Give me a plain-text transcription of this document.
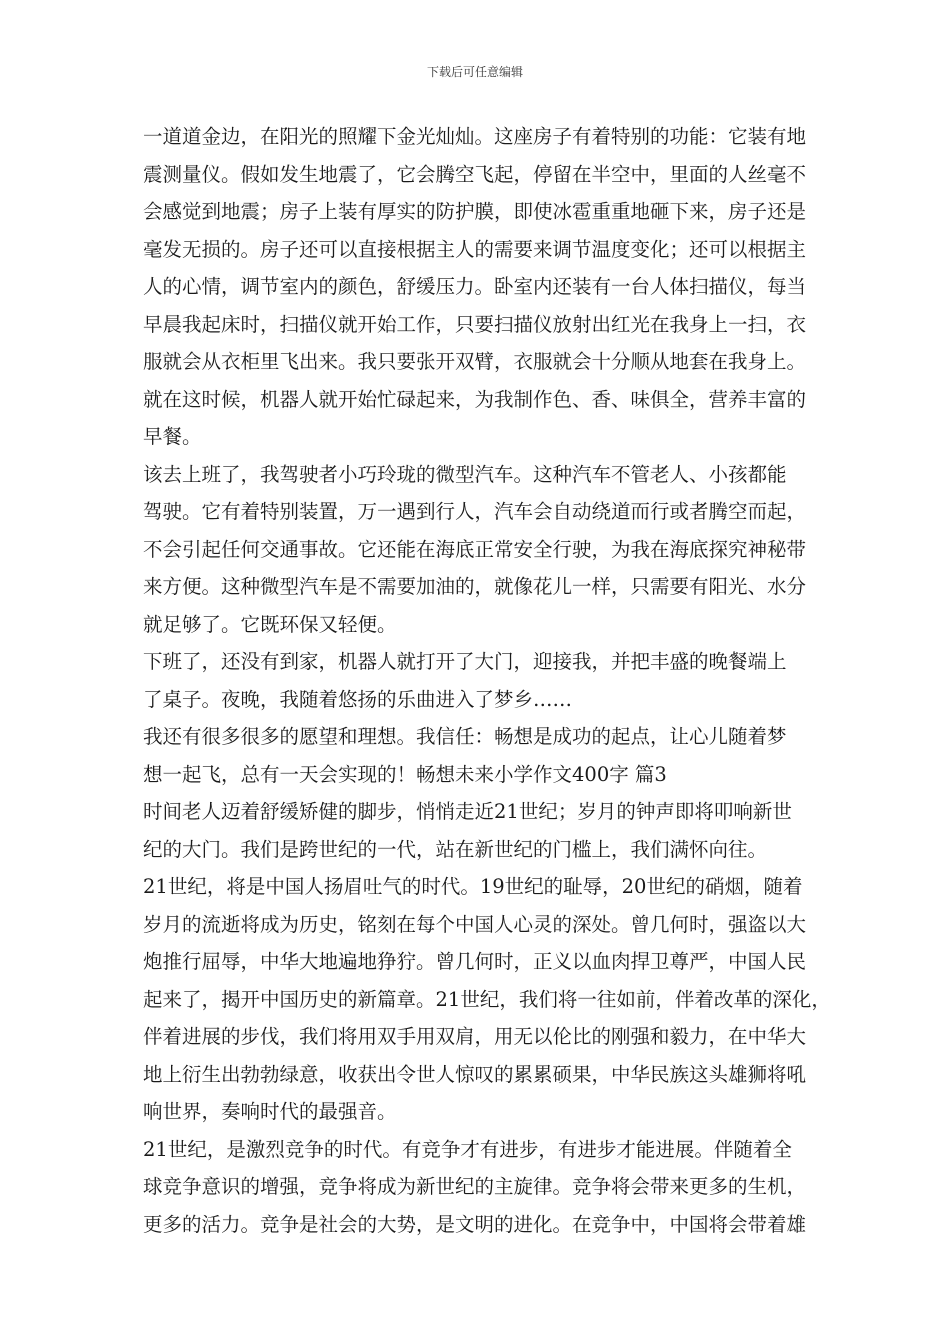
下载后可任意编辑
一道道金边，在阳光的照耀下金光灿灿。这座房子有着特别的功能：它装有地
震测量仪。假如发生地震了，它会腾空飞起，停留在半空中，里面的人丝毫不
会感觉到地震；房子上装有厚实的防护膜，即使冰雹重重地砸下来，房子还是
毫发无损的。房子还可以直接根据主人的需要来调节温度变化；还可以根据主
人的心情，调节室内的颜色，舒缓压力。卧室内还装有一台人体扫描仪，每当
早晨我起床时，扫描仪就开始工作，只要扫描仪放射出红光在我身上一扫，衣
服就会从衣柜里飞出来。我只要张开双臂，衣服就会十分顺从地套在我身上。
就在这时候，机器人就开始忙碌起来，为我制作色、香、味俱全，营养丰富的
早餐。
该去上班了，我驾驶者小巧玲珑的微型汽车。这种汽车不管老人、小孩都能
驾驶。它有着特别装置，万一遇到行人，汽车会自动绕道而行或者腾空而起，
不会引起任何交通事故。它还能在海底正常安全行驶，为我在海底探究神秘带
来方便。这种微型汽车是不需要加油的，就像花儿一样，只需要有阳光、水分
就足够了。它既环保又轻便。
下班了，还没有到家，机器人就打开了大门，迎接我，并把丰盛的晚餐端上
了桌子。夜晚，我随着悠扬的乐曲进入了梦乡……
我还有很多很多的愿望和理想。我信任：畅想是成功的起点，让心儿随着梦
想一起飞，总有一天会实现的！畅想未来小学作文400字 篇3
时间老人迈着舒缓矫健的脚步，悄悄走近21世纪；岁月的钟声即将叩响新世
纪的大门。我们是跨世纪的一代，站在新世纪的门槛上，我们满怀向往。
21世纪，将是中国人扬眉吐气的时代。19世纪的耻辱，20世纪的硝烟，随着
岁月的流逝将成为历史，铭刻在每个中国人心灵的深处。曾几何时，强盗以大
炮推行屈辱，中华大地遍地狰狞。曾几何时，正义以血肉捍卫尊严，中国人民
起来了，揭开中国历史的新篇章。21世纪，我们将一往如前，伴着改革的深化，
伴着进展的步伐，我们将用双手用双肩，用无以伦比的刚强和毅力，在中华大
地上衍生出勃勃绿意，收获出令世人惊叹的累累硕果，中华民族这头雄狮将吼
响世界，奏响时代的最强音。
21世纪，是激烈竞争的时代。有竞争才有进步，有进步才能进展。伴随着全
球竞争意识的增强，竞争将成为新世纪的主旋律。竞争将会带来更多的生机，
更多的活力。竞争是社会的大势，是文明的进化。在竞争中，中国将会带着雄
